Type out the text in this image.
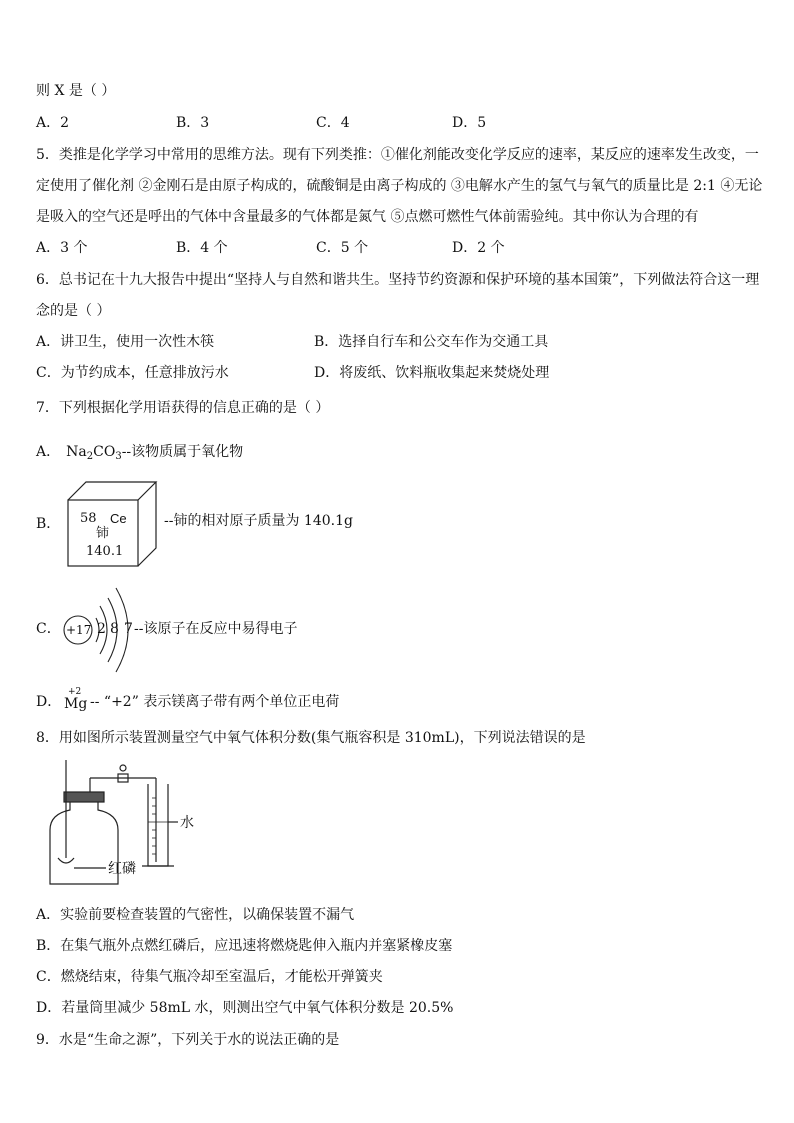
则 X 是（ ）
A．2	B．3	C．4	D．5
5．类推是化学学习中常用的思维方法。现有下列类推：①催化剂能改变化学反应的速率，某反应的速率发生改变，一
定使用了催化剂 ②金刚石是由原子构成的，硫酸铜是由离子构成的 ③电解水产生的氢气与氧气的质量比是 2:1 ④无论
是吸入的空气还是呼出的气体中含量最多的气体都是氮气 ⑤点燃可燃性气体前需验纯。其中你认为合理的有
A．3 个	B．4 个	C．5 个	D．2 个
6．总书记在十九大报告中提出“坚持人与自然和谐共生。坚持节约资源和保护环境的基本国策”，下列做法符合这一理
念的是（ ）
A．讲卫生，使用一次性木筷	B．选择自行车和公交车作为交通工具
C．为节约成本，任意排放污水	D．将废纸、饮料瓶收集起来焚烧处理
7．下列根据化学用语获得的信息正确的是（ ）
A． $Na_2CO_3--$该物质属于氧化物
B． 58 Ce
铈
140.1
--铈的相对原子质量为 140.1g
C． +17 2 8 7 --该原子在反应中易得电子
D．
+2
Mg -- “+2” 表示镁离子带有两个单位正电荷
8．用如图所示装置测量空气中氧气体积分数(集气瓶容积是 310mL)，下列说法错误的是
水
红磷
A．实验前要检查装置的气密性，以确保装置不漏气
B．在集气瓶外点燃红磷后，应迅速将燃烧匙伸入瓶内并塞紧橡皮塞
C．燃烧结束，待集气瓶冷却至室温后，才能松开弹簧夹
D．若量筒里减少 58mL 水，则测出空气中氧气体积分数是 20.5%
9．水是“生命之源”，下列关于水的说法正确的是
